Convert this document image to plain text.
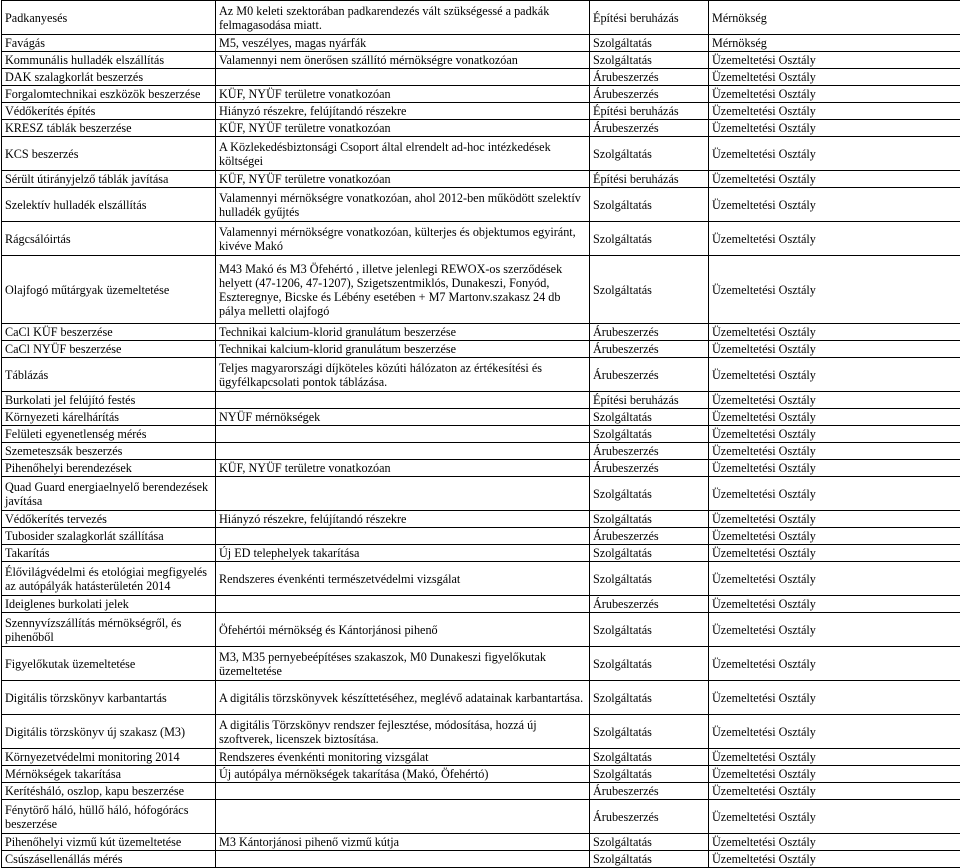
Padkanyesés	Az M0 keleti szektorában padkarendezés vált szükségessé a padkák felmagasodása miatt.	Építési beruházás	Mérnökség

Favágás	M5, veszélyes, magas nyárfák	Szolgáltatás	Mérnökség

Kommunális hulladék elszállítás	Valamennyi nem önerősen szállító mérnökségre vonatkozóan	Szolgáltatás	Üzemeltetési Osztály

DAK szalagkorlát beszerzés		Árubeszerzés	Üzemeltetési Osztály

Forgalomtechnikai eszközök beszerzése	KÜF, NYÜF területre vonatkozóan	Árubeszerzés	Üzemeltetési Osztály

Védőkerítés építés	Hiányzó részekre, felújítandó részekre	Építési beruházás	Üzemeltetési Osztály

KRESZ táblák beszerzése	KÜF, NYÜF területre vonatkozóan	Árubeszerzés	Üzemeltetési Osztály

KCS beszerzés	A Közlekedésbiztonsági Csoport által elrendelt ad-hoc intézkedések költségei	Szolgáltatás	Üzemeltetési Osztály

Sérült útirányjelző táblák javítása	KÜF, NYÜF területre vonatkozóan	Építési beruházás	Üzemeltetési Osztály

Szelektív hulladék elszállítás	Valamennyi mérnökségre vonatkozóan, ahol 2012-ben működött szelektív hulladék gyűjtés	Szolgáltatás	Üzemeltetési Osztály

Rágcsálóirtás	Valamennyi mérnökségre vonatkozóan, külterjes és objektumos egyiránt, kivéve Makó	Szolgáltatás	Üzemeltetési Osztály

Olajfogó műtárgyak üzemeltetése	M43 Makó és M3 Öfehértó , illetve jelenlegi REWOX-os szerződések helyett (47-1206, 47-1207), Szigetszentmiklós, Dunakeszi, Fonyód, Eszteregnye, Bicske és Lébény esetében + M7 Martonv.szakasz 24 db pálya melletti olajfogó	Szolgáltatás	Üzemeltetési Osztály

CaCl KÜF beszerzése	Technikai kalcium-klorid granulátum beszerzése	Árubeszerzés	Üzemeltetési Osztály

CaCl NYÜF beszerzése	Technikai kalcium-klorid granulátum beszerzése	Árubeszerzés	Üzemeltetési Osztály

Táblázás	Teljes magyarországi díjköteles közúti hálózaton az értékesítési és ügyfélkapcsolati pontok táblázása.	Árubeszerzés	Üzemeltetési Osztály

Burkolati jel felújító festés		Építési beruházás	Üzemeltetési Osztály

Környezeti kárelhárítás	NYÜF mérnökségek	Szolgáltatás	Üzemeltetési Osztály

Felületi egyenetlenség mérés		Szolgáltatás	Üzemeltetési Osztály

Szemeteszsák beszerzés		Árubeszerzés	Üzemeltetési Osztály

Pihenőhelyi berendezések	KÜF, NYÜF területre vonatkozóan	Árubeszerzés	Üzemeltetési Osztály

Quad Guard energiaelnyelő berendezések javítása		Szolgáltatás	Üzemeltetési Osztály

Védőkerítés tervezés	Hiányzó részekre, felújítandó részekre	Szolgáltatás	Üzemeltetési Osztály

Tubosider szalagkorlát szállítása		Árubeszerzés	Üzemeltetési Osztály

Takarítás	Új ED telephelyek takarítása	Szolgáltatás	Üzemeltetési Osztály

Élővilágvédelmi és etológiai megfigyelés az autópályák hatásterületén 2014	Rendszeres évenkénti természetvédelmi vizsgálat	Szolgáltatás	Üzemeltetési Osztály

Ideiglenes burkolati jelek		Árubeszerzés	Üzemeltetési Osztály

Szennyvízszállítás mérnökségről, és pihenőből	Öfehértói mérnökség és Kántorjánosi pihenő	Szolgáltatás	Üzemeltetési Osztály

Figyelőkutak üzemeltetése	M3, M35 pernyebeépítéses szakaszok, M0 Dunakeszi figyelőkutak üzemeltetése	Szolgáltatás	Üzemeltetési Osztály

Digitális törzskönyv karbantartás	A digitális törzskönyvek készíttetéséhez, meglévő adatainak karbantartása.	Szolgáltatás	Üzemeltetési Osztály

Digitális törzskönyv új szakasz (M3)	A digitális Törzskönyv rendszer fejlesztése, módosítása, hozzá új szoftverek, licenszek biztosítása.	Szolgáltatás	Üzemeltetési Osztály

Környezetvédelmi monitoring 2014	Rendszeres évenkénti monitoring vizsgálat	Szolgáltatás	Üzemeltetési Osztály

Mérnökségek takarítása	Új autópálya mérnökségek takarítása (Makó, Öfehértó)	Szolgáltatás	Üzemeltetési Osztály

Kerítésháló, oszlop, kapu beszerzése		Árubeszerzés	Üzemeltetési Osztály

Fénytörő háló, hüllő háló, hófogórács beszerzése		Árubeszerzés	Üzemeltetési Osztály

Pihenőhelyi vizmű kút üzemeltetése	M3 Kántorjánosi pihenő vizmű kútja	Szolgáltatás	Üzemeltetési Osztály

Csúszásellenállás mérés		Szolgáltatás	Üzemeltetési Osztály
